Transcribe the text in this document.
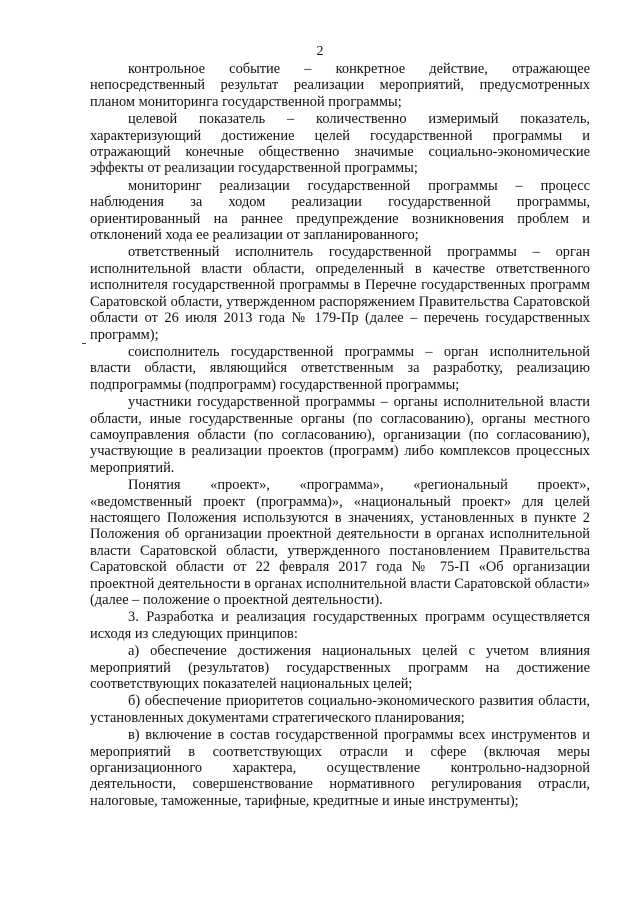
2

контрольное событие – конкретное действие, отражающее непосредственный результат реализации мероприятий, предусмотренных планом мониторинга государственной программы;

целевой показатель – количественно измеримый показатель, характеризующий достижение целей государственной программы и отражающий конечные общественно значимые социально-экономические эффекты от реализации государственной программы;

мониторинг реализации государственной программы – процесс наблюдения за ходом реализации государственной программы, ориентированный на раннее предупреждение возникновения проблем и отклонений хода ее реализации от запланированного;

ответственный исполнитель государственной программы – орган исполнительной власти области, определенный в качестве ответственного исполнителя государственной программы в Перечне государственных программ Саратовской области, утвержденном распоряжением Правительства Саратовской области от 26 июля 2013 года № 179-Пр (далее – перечень государственных программ);

соисполнитель государственной программы – орган исполнительной власти области, являющийся ответственным за разработку, реализацию подпрограммы (подпрограмм) государственной программы;

участники государственной программы – органы исполнительной власти области, иные государственные органы (по согласованию), органы местного самоуправления области (по согласованию), организации (по согласованию), участвующие в реализации проектов (программ) либо комплексов процессных мероприятий.

Понятия «проект», «программа», «региональный проект», «ведомственный проект (программа)», «национальный проект» для целей настоящего Положения используются в значениях, установленных в пункте 2 Положения об организации проектной деятельности в органах исполнительной власти Саратовской области, утвержденного постановлением Правительства Саратовской области от 22 февраля 2017 года № 75-П «Об организации проектной деятельности в органах исполнительной власти Саратовской области» (далее – положение о проектной деятельности).

3. Разработка и реализация государственных программ осуществляется исходя из следующих принципов:

а) обеспечение достижения национальных целей с учетом влияния мероприятий (результатов) государственных программ на достижение соответствующих показателей национальных целей;

б) обеспечение приоритетов социально-экономического развития области, установленных документами стратегического планирования;

в) включение в состав государственной программы всех инструментов и мероприятий в соответствующих отрасли и сфере (включая меры организационного характера, осуществление контрольно-надзорной деятельности, совершенствование нормативного регулирования отрасли, налоговые, таможенные, тарифные, кредитные и иные инструменты);
